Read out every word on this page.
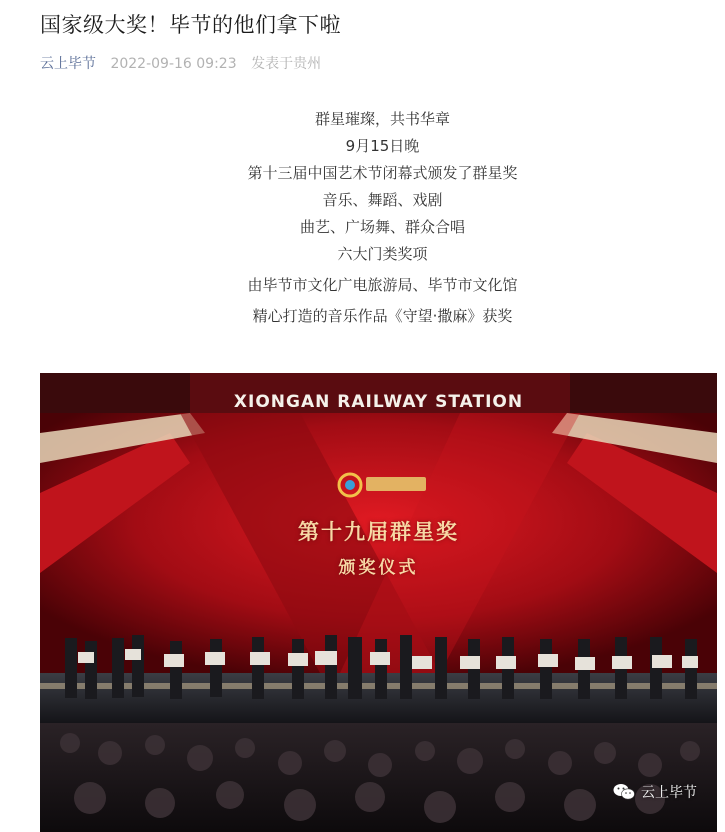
国家级大奖！毕节的他们拿下啦
云上毕节 2022-09-16 09:23 发表于贵州
群星璀璨，共书华章
9月15日晚
第十三届中国艺术节闭幕式颁发了群星奖
音乐、舞蹈、戏剧
曲艺、广场舞、群众合唱
六大门类奖项
由毕节市文化广电旅游局、毕节市文化馆
精心打造的音乐作品《守望·撒麻》获奖
XIONGAN RAILWAY STATION
第十九届群星奖
颁奖仪式
云上毕节
